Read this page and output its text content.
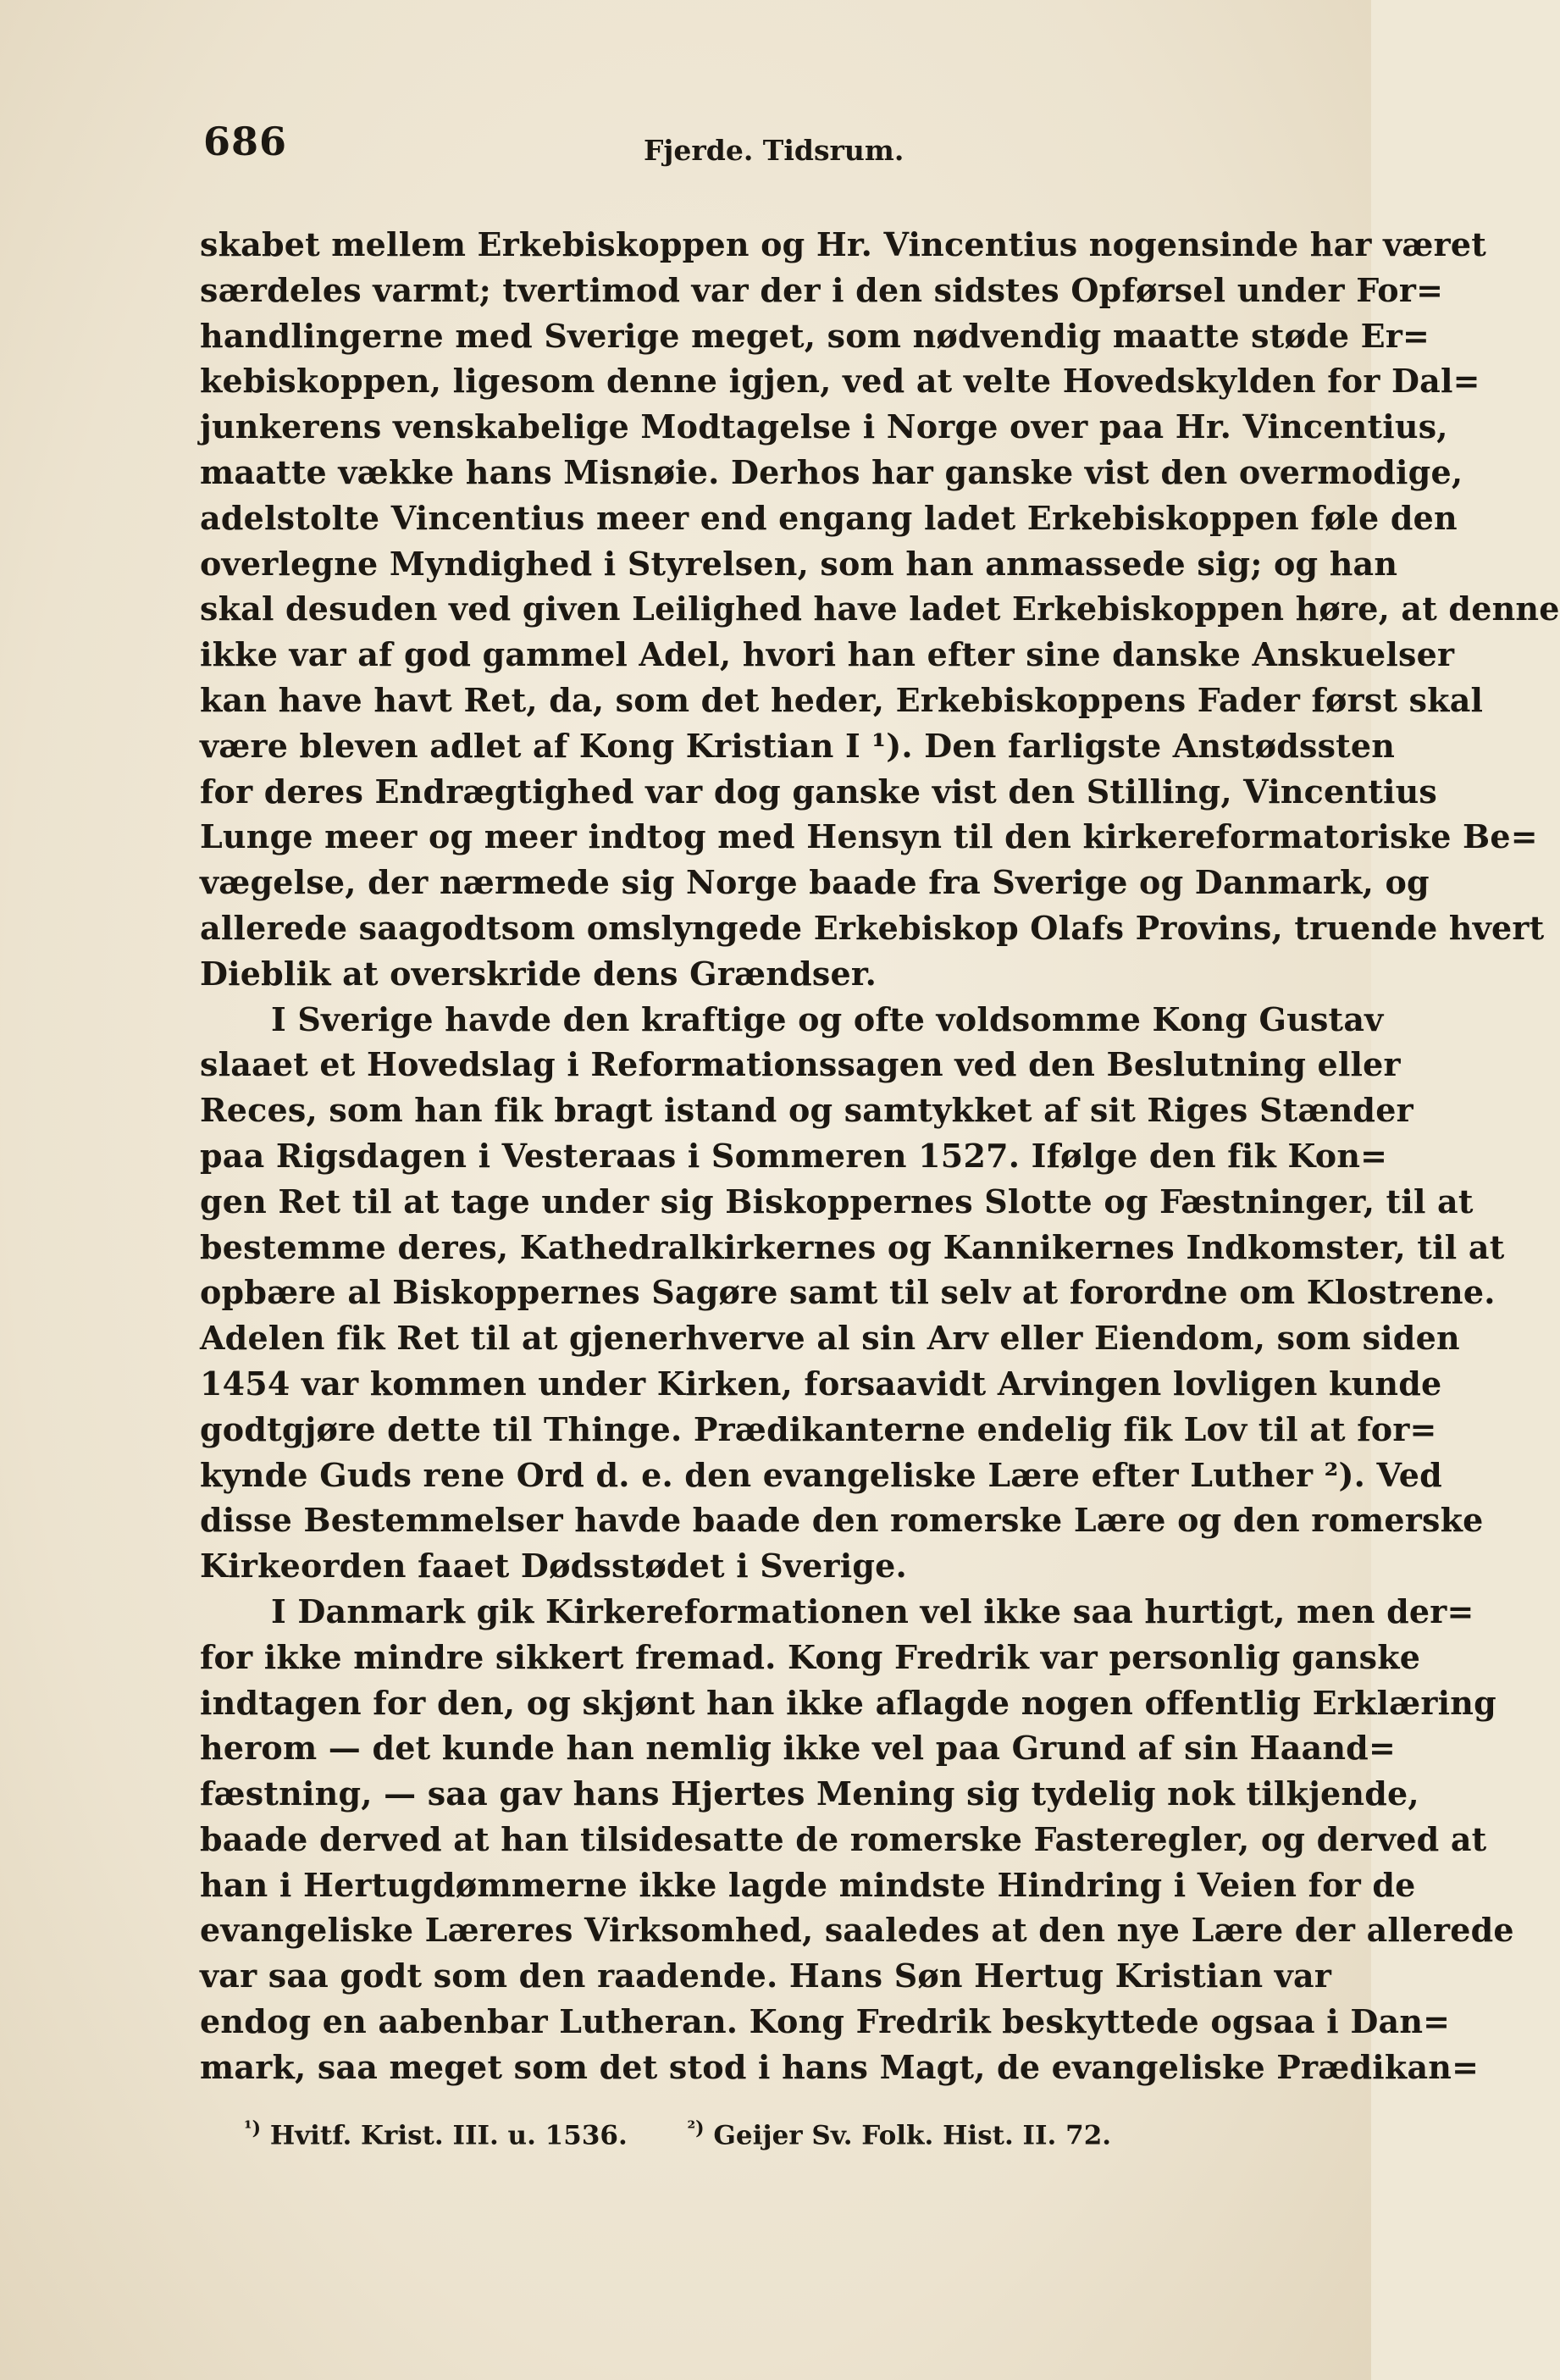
686	Fjerde. Tidsrum.
skabet mellem Erkebiskoppen og Hr. Vincentius nogensinde har været
særdeles varmt; tvertimod var der i den sidstes Opførsel under For=
handlingerne med Sverige meget, som nødvendig maatte støde Er=
kebiskoppen, ligesom denne igjen, ved at velte Hovedskylden for Dal=
junkerens venskabelige Modtagelse i Norge over paa Hr. Vincentius,
maatte vække hans Misnøie. Derhos har ganske vist den overmodige,
adelstolte Vincentius meer end engang ladet Erkebiskoppen føle den
overlegne Myndighed i Styrelsen, som han anmassede sig; og han
skal desuden ved given Leilighed have ladet Erkebiskoppen høre, at denne
ikke var af god gammel Adel, hvori han efter sine danske Anskuelser
kan have havt Ret, da, som det heder, Erkebiskoppens Fader først skal
være bleven adlet af Kong Kristian I ¹). Den farligste Anstødssten
for deres Endrægtighed var dog ganske vist den Stilling, Vincentius
Lunge meer og meer indtog med Hensyn til den kirkereformatoriske Be=
vægelse, der nærmede sig Norge baade fra Sverige og Danmark, og
allerede saagodtsom omslyngede Erkebiskop Olafs Provins, truende hvert
Dieblik at overskride dens Grændser.
I Sverige havde den kraftige og ofte voldsomme Kong Gustav
slaaet et Hovedslag i Reformationssagen ved den Beslutning eller
Reces, som han fik bragt istand og samtykket af sit Riges Stænder
paa Rigsdagen i Vesteraas i Sommeren 1527. Ifølge den fik Kon=
gen Ret til at tage under sig Biskoppernes Slotte og Fæstninger, til at
bestemme deres, Kathedralkirkernes og Kannikernes Indkomster, til at
opbære al Biskoppernes Sagøre samt til selv at forordne om Klostrene.
Adelen fik Ret til at gjenerhverve al sin Arv eller Eiendom, som siden
1454 var kommen under Kirken, forsaavidt Arvingen lovligen kunde
godtgjøre dette til Thinge. Prædikanterne endelig fik Lov til at for=
kynde Guds rene Ord d. e. den evangeliske Lære efter Luther ²). Ved
disse Bestemmelser havde baade den romerske Lære og den romerske
Kirkeorden faaet Dødsstødet i Sverige.
I Danmark gik Kirkereformationen vel ikke saa hurtigt, men der=
for ikke mindre sikkert fremad. Kong Fredrik var personlig ganske
indtagen for den, og skjønt han ikke aflagde nogen offentlig Erklæring
herom — det kunde han nemlig ikke vel paa Grund af sin Haand=
fæstning, — saa gav hans Hjertes Mening sig tydelig nok tilkjende,
baade derved at han tilsidesatte de romerske Fasteregler, og derved at
han i Hertugdømmerne ikke lagde mindste Hindring i Veien for de
evangeliske Læreres Virksomhed, saaledes at den nye Lære der allerede
var saa godt som den raadende. Hans Søn Hertug Kristian var
endog en aabenbar Lutheran. Kong Fredrik beskyttede ogsaa i Dan=
mark, saa meget som det stod i hans Magt, de evangeliske Prædikan=
$^{^1)}$ Hvitf. Krist. III. u. 1536.	$^{^2)}$ Geijer Sv. Folk. Hist. II. 72.
